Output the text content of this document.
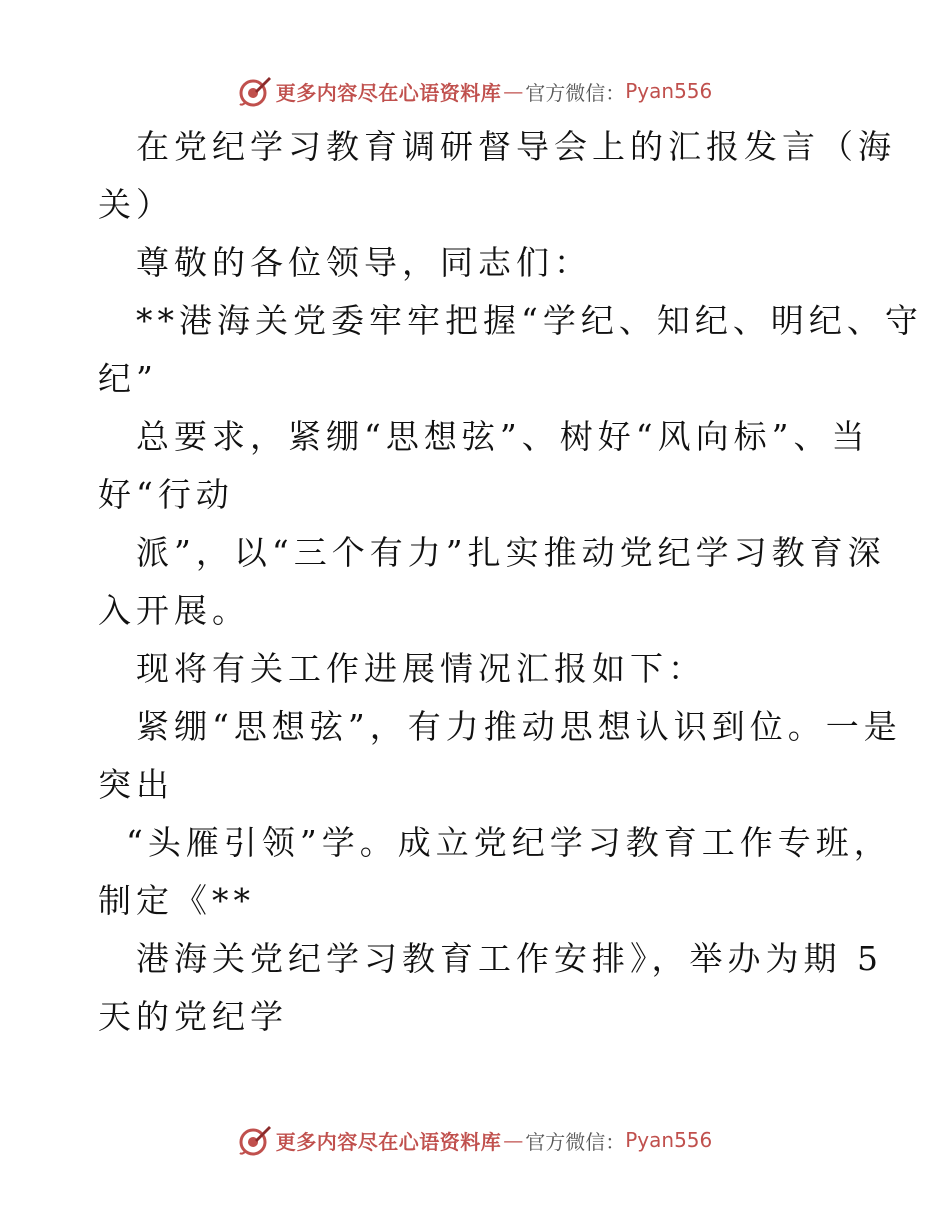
更多内容尽在心语资料库 — 官方微信： Pyan556
在党纪学习教育调研督导会上的汇报发言（海
关）
尊敬的各位领导，同志们：
**港海关党委牢牢把握“学纪、知纪、明纪、守
纪”
总要求，紧绷“思想弦”、树好“风向标”、当
好“行动
派”，以“三个有力”扎实推动党纪学习教育深
入开展。
现将有关工作进展情况汇报如下：
紧绷“思想弦”，有力推动思想认识到位。一是
突出
“头雁引领”学。成立党纪学习教育工作专班，
制定《**
港海关党纪学习教育工作安排》，举办为期 5
天的党纪学
更多内容尽在心语资料库 — 官方微信： Pyan556
